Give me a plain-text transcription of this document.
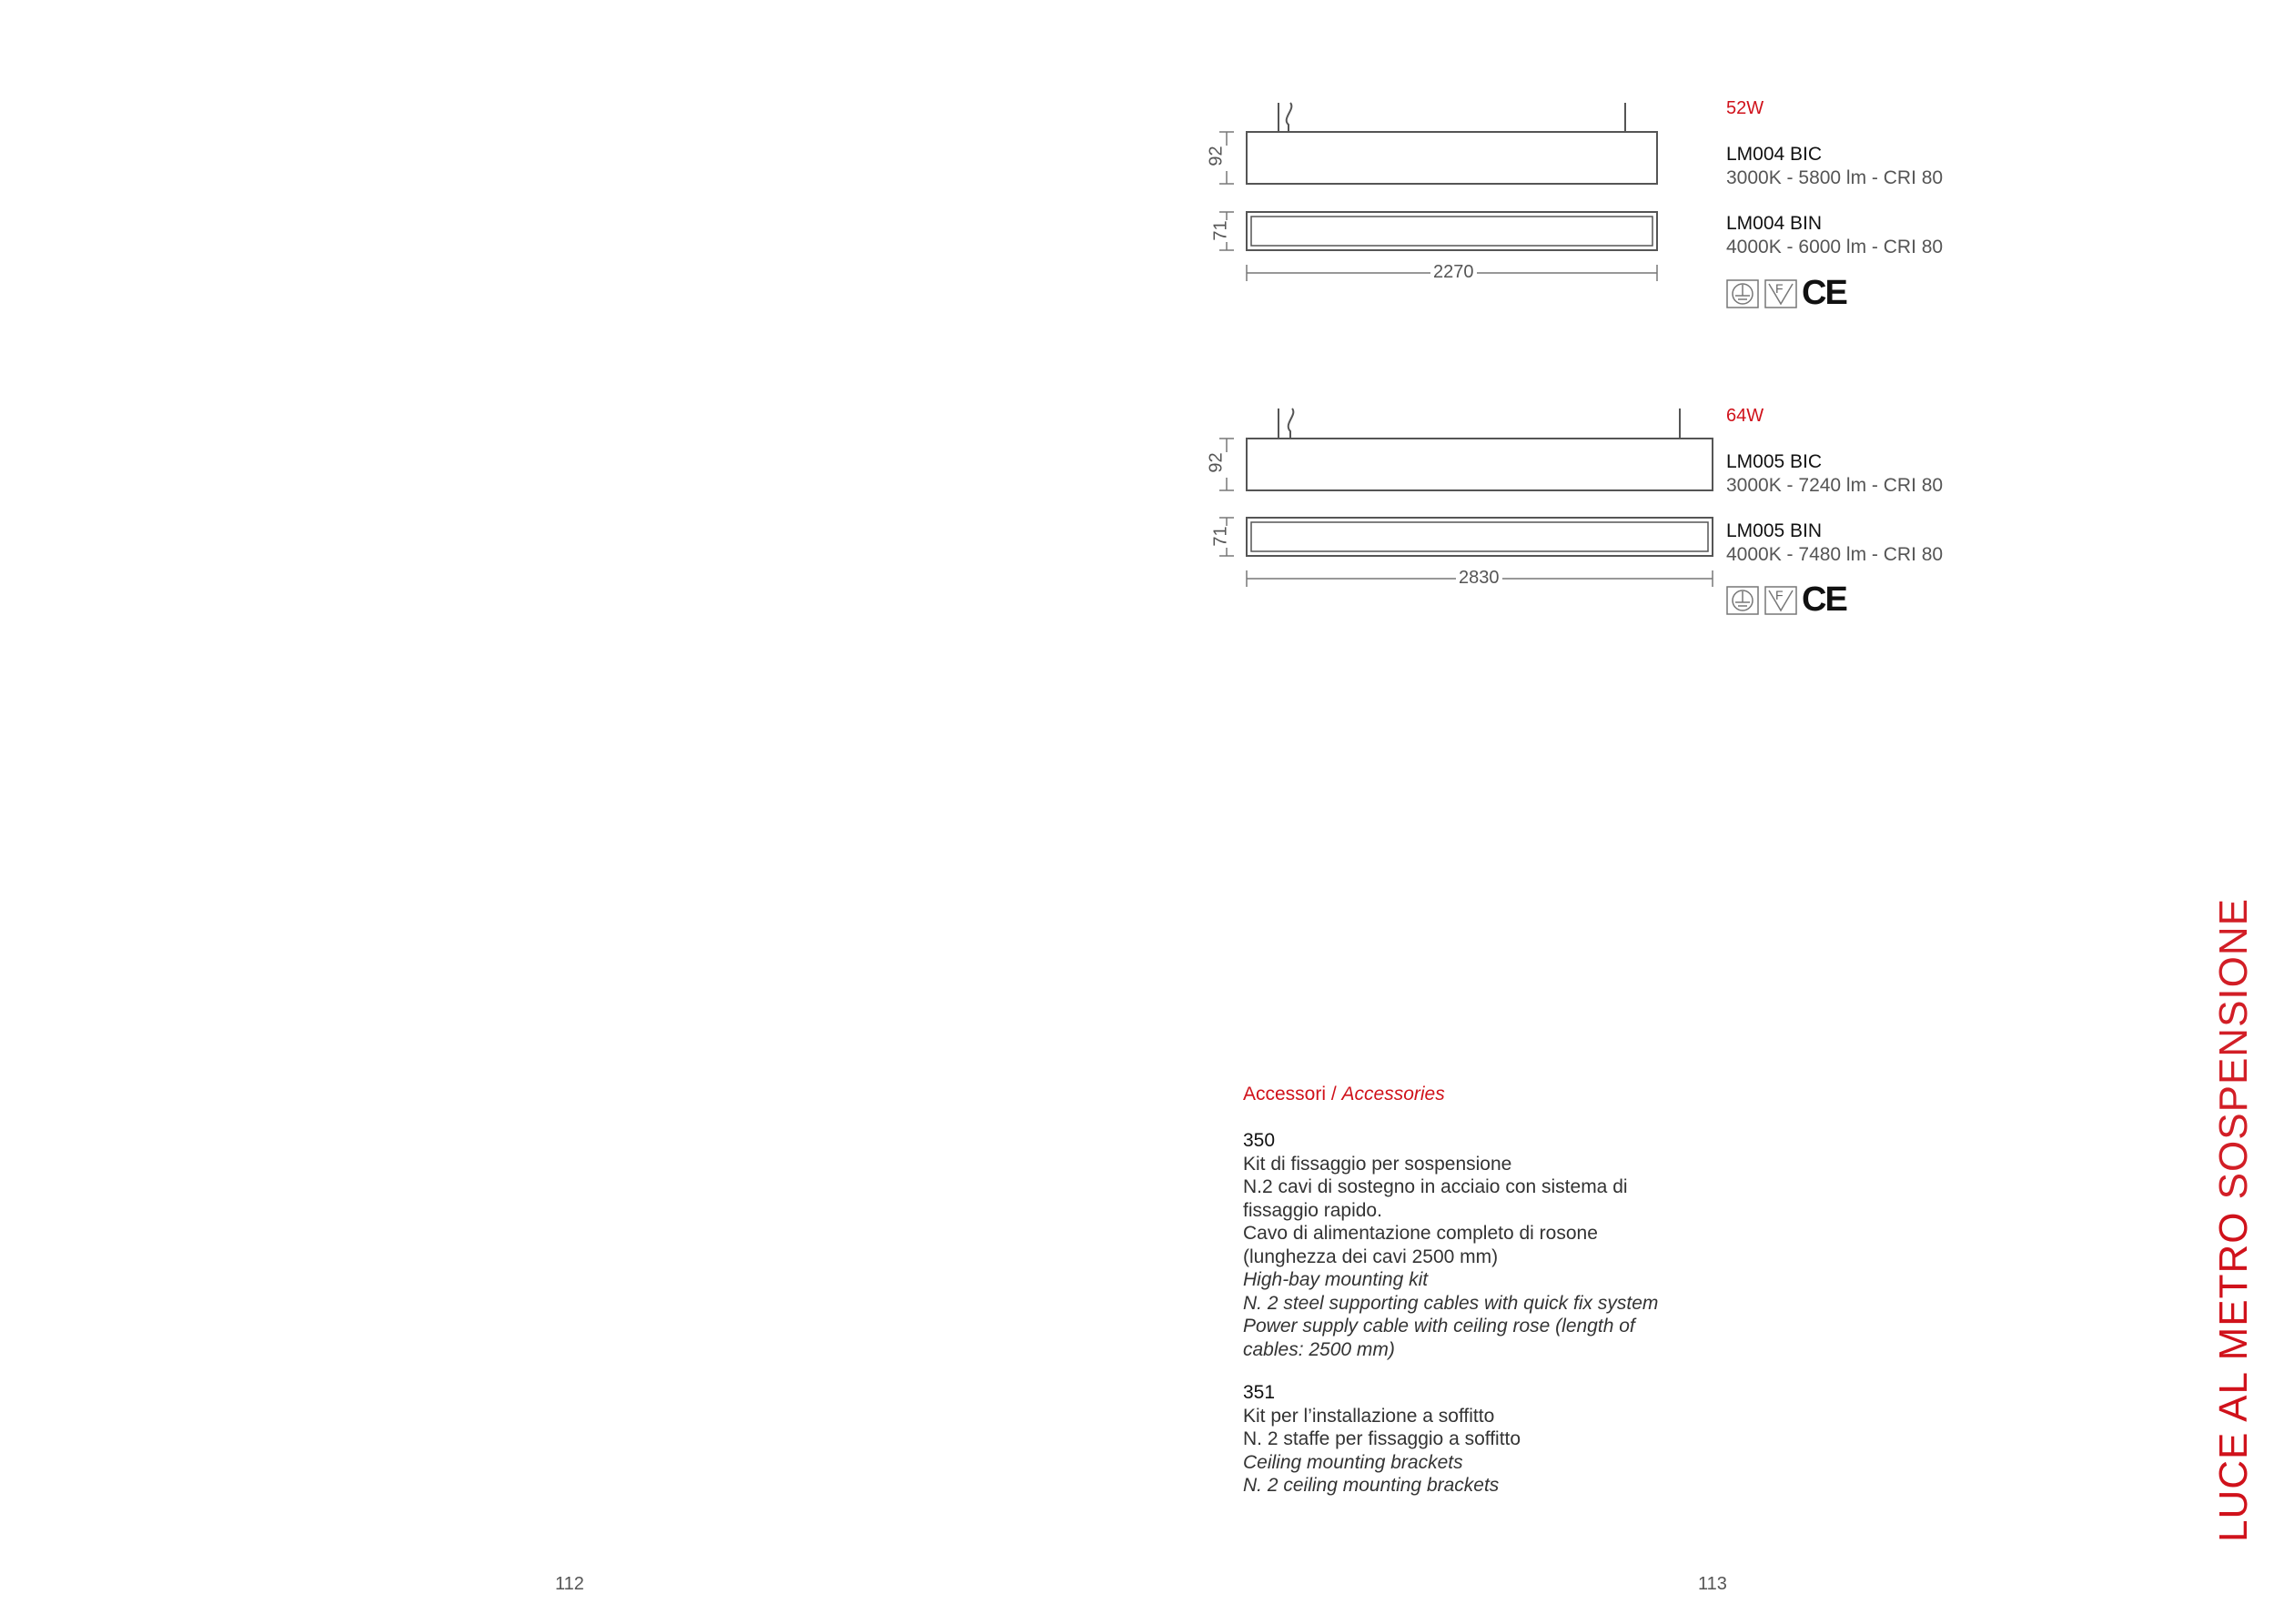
F
F
CE
CE
92
71
2270
92
71
2830
52W
LM004 BIC
3000K - 5800 lm - CRI 80
LM004 BIN
4000K - 6000 lm - CRI 80
64W
LM005 BIC
3000K - 7240 lm - CRI 80
LM005 BIN
4000K - 7480 lm - CRI 80
Accessori / Accessories
350
Kit di fissaggio per sospensione
N.2 cavi di sostegno in acciaio con sistema di
fissaggio rapido.
Cavo di alimentazione completo di rosone
(lunghezza dei cavi 2500 mm)
High-bay mounting kit
N. 2 steel supporting cables with quick fix system
Power supply cable with ceiling rose (length of
cables: 2500 mm)
351
Kit per l’installazione a soffitto
N. 2 staffe per fissaggio a soffitto
Ceiling mounting brackets
N. 2 ceiling mounting brackets	LUCE AL METRO SOSPENSIONE
112	113
